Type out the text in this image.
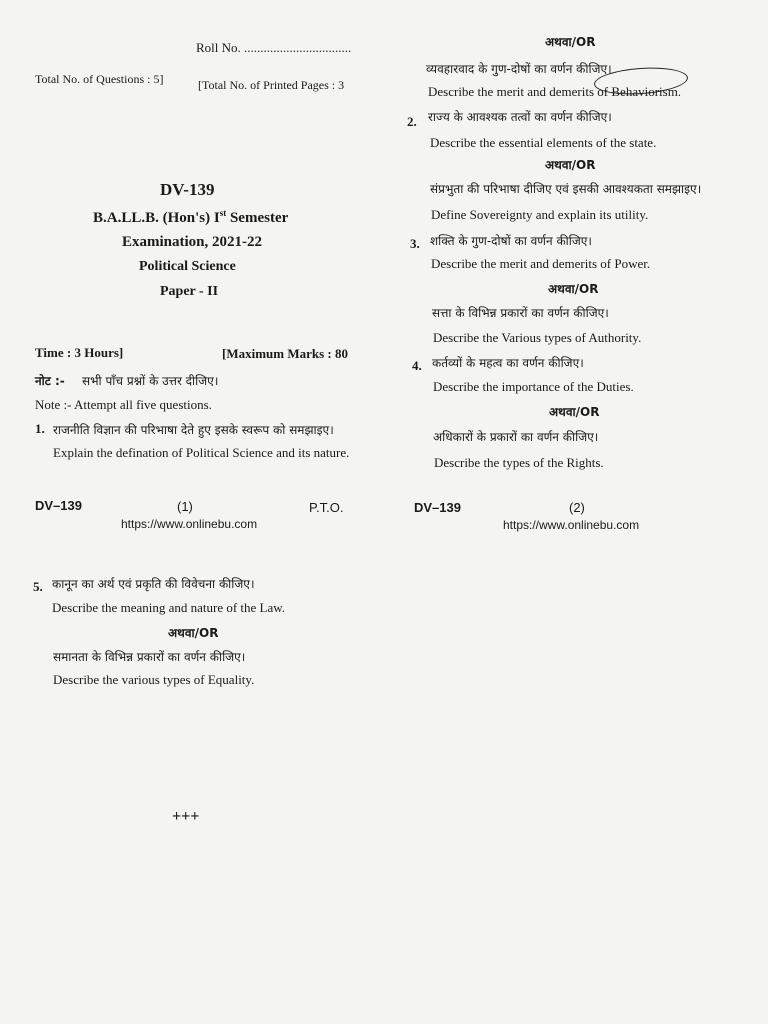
Roll No. .................................
Total No. of Questions : 5]	[Total No. of Printed Pages : 3
DV-139
B.A.LL.B. (Hon's) Ist Semester
Examination, 2021-22
Political Science
Paper - II
Time : 3 Hours]	[Maximum Marks : 80
नोट :- सभी पाँच प्रश्नों के उत्तर दीजिए।
Note :- Attempt all five questions.
1. राजनीति विज्ञान की परिभाषा देते हुए इसके स्वरूप को समझाइए।
Explain the defination of Political Science and its nature.
DV–139	(1)	P.T.O.
https://www.onlinebu.com
अथवा/OR
व्यवहारवाद के गुण-दोषों का वर्णन कीजिए।
Describe the merit and demerits of Behaviorism.
2. राज्य के आवश्यक तत्वों का वर्णन कीजिए।
Describe the essential elements of the state.
अथवा/OR
संप्रभुता की परिभाषा दीजिए एवं इसकी आवश्यकता समझाइए।
Define Sovereignty and explain its utility.
3. शक्ति के गुण-दोषों का वर्णन कीजिए।
Describe the merit and demerits of Power.
अथवा/OR
सत्ता के विभिन्न प्रकारों का वर्णन कीजिए।
Describe the Various types of Authority.
4. कर्तव्यों के महत्व का वर्णन कीजिए।
Describe the importance of the Duties.
अथवा/OR
अधिकारों के प्रकारों का वर्णन कीजिए।
Describe the types of the Rights.
DV–139	(2)
https://www.onlinebu.com
5. कानून का अर्थ एवं प्रकृति की विवेचना कीजिए।
Describe the meaning and nature of the Law.
अथवा/OR
समानता के विभिन्न प्रकारों का वर्णन कीजिए।
Describe the various types of Equality.
+++
